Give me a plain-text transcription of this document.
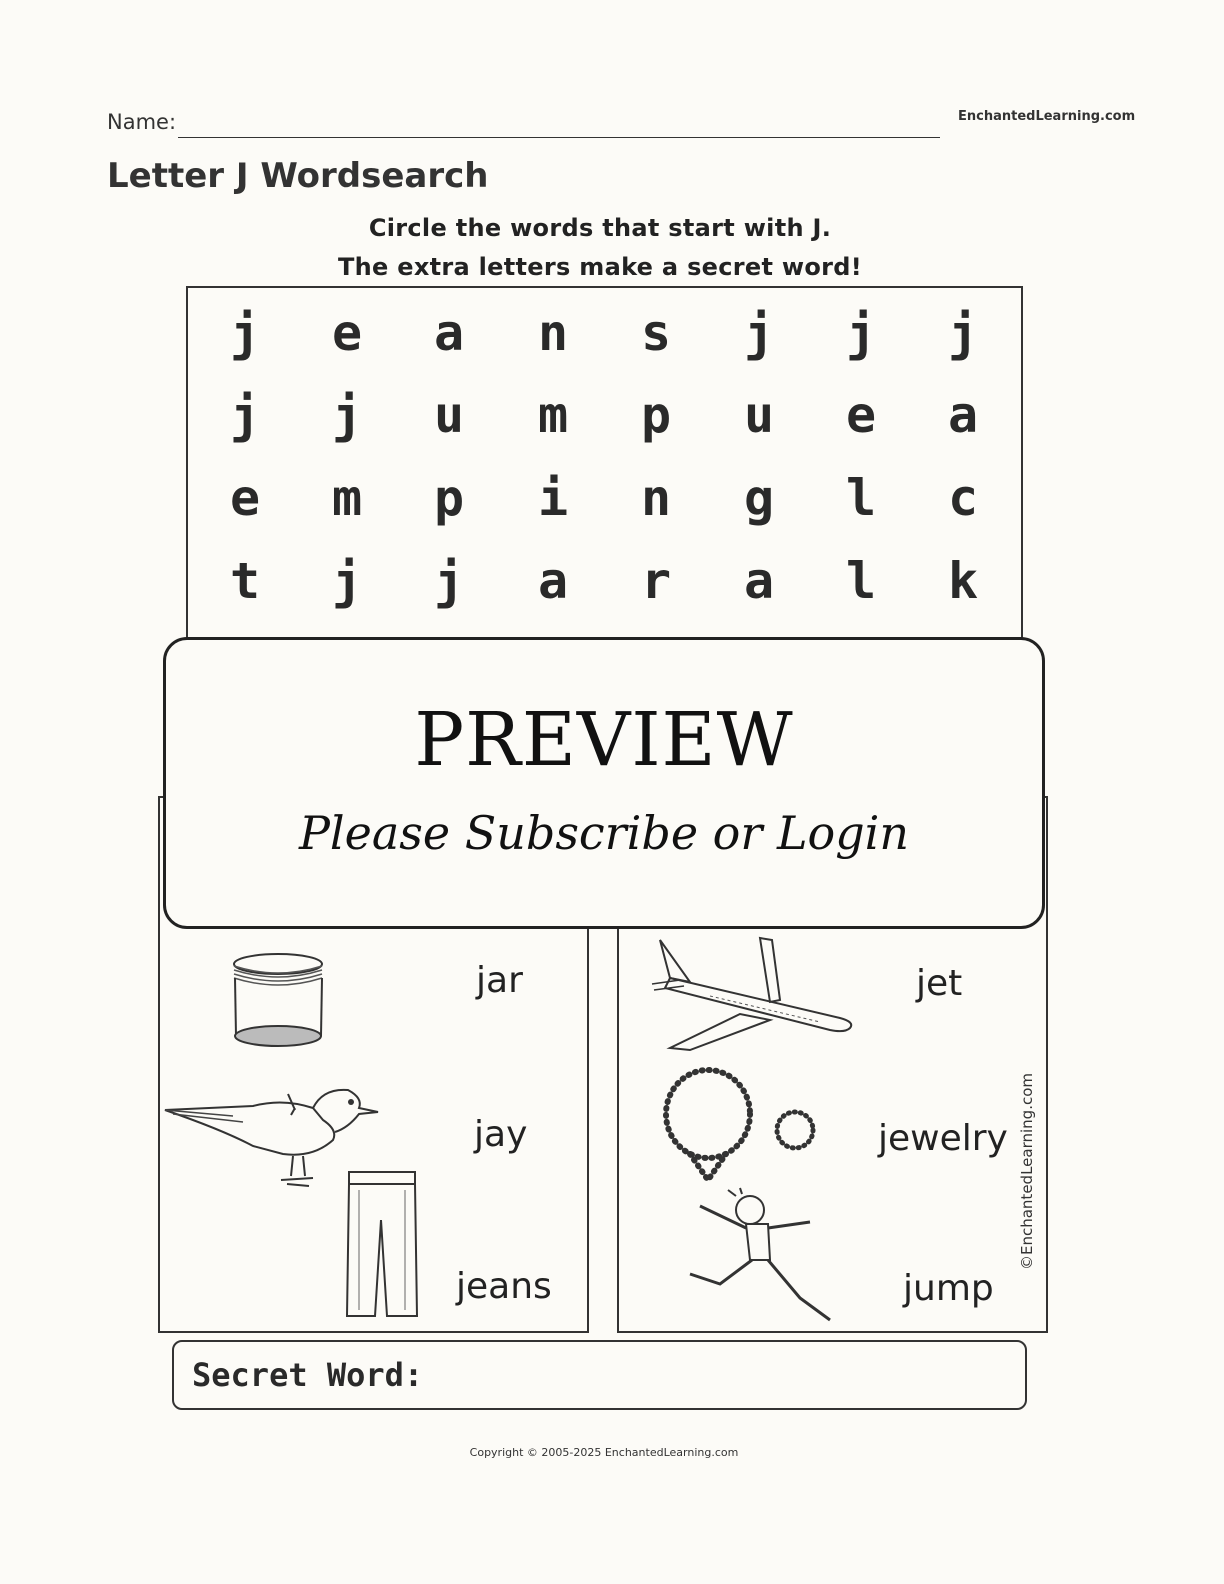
Name:	EnchantedLearning.com
Letter J Wordsearch
Circle the words that start with J.
The extra letters make a secret word!
j e a n s j j j
j j u m p u e a
e m p i n g l c
t j j a r a l k
jar
jay
jeans
jet
jewelry
jump
©EnchantedLearning.com
PREVIEW
Please Subscribe or Login
Secret Word:
Copyright © 2005-2025 EnchantedLearning.com
